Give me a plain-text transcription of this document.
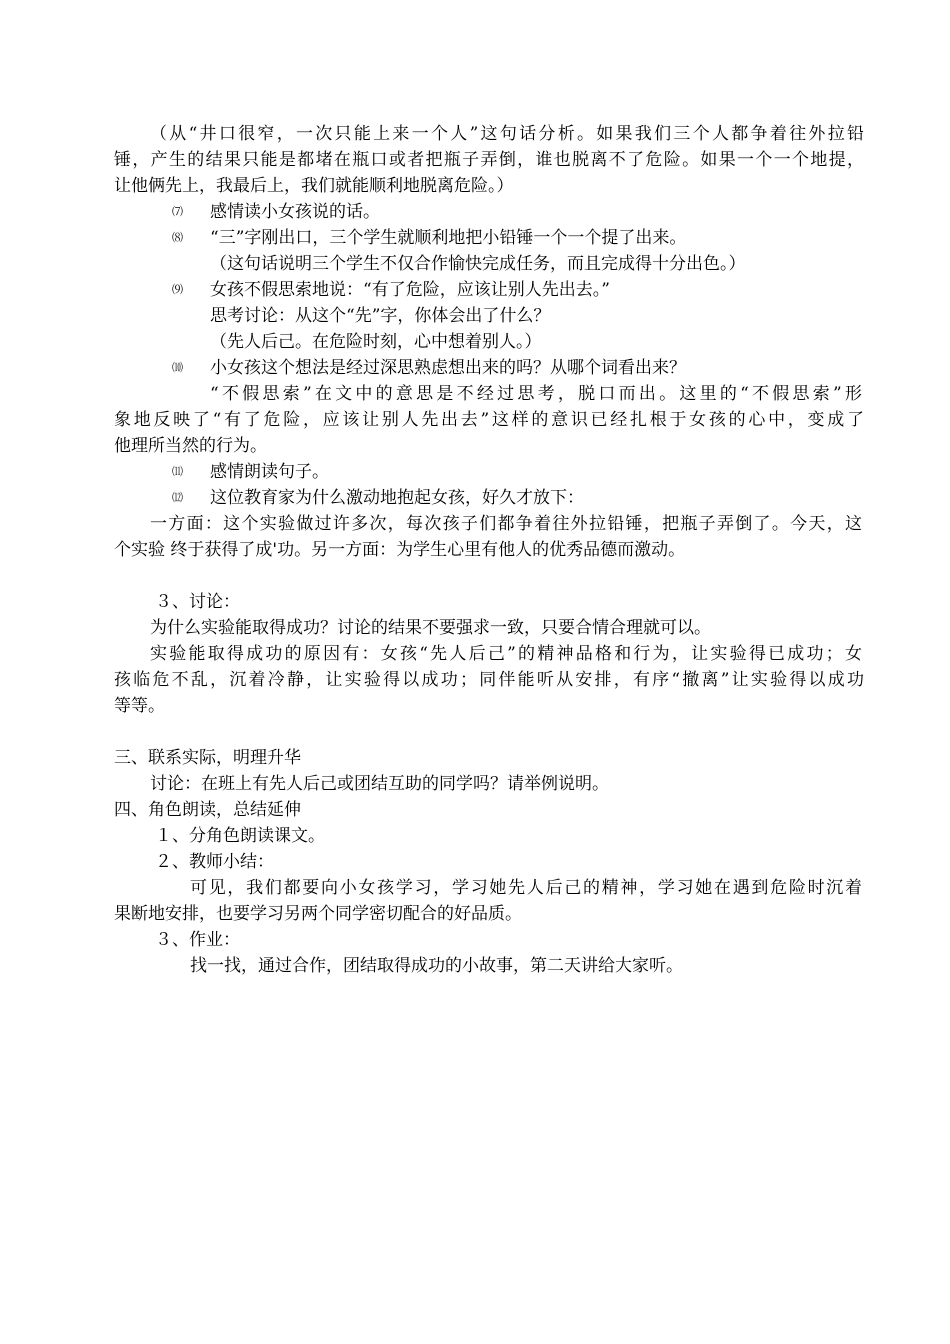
（从“井口很窄，一次只能上来一个人”这句话分析。如果我们三个人都争着往外拉铅
锤，产生的结果只能是都堵在瓶口或者把瓶子弄倒，谁也脱离不了危险。如果一个一个地提，
让他俩先上，我最后上，我们就能顺利地脱离危险。）
⑺ 感情读小女孩说的话。
⑻ “三”字刚出口，三个学生就顺利地把小铅锤一个一个提了出来。
（这句话说明三个学生不仅合作愉快完成任务，而且完成得十分出色。）
⑼ 女孩不假思索地说：“有了危险，应该让别人先出去。”
思考讨论：从这个“先”字，你体会出了什么？
（先人后己。在危险时刻，心中想着别人。）
⑽ 小女孩这个想法是经过深思熟虑想出来的吗？从哪个词看出来？
“不假思索”在文中的意思是不经过思考，脱口而出。这里的“不假思索”形
象地反映了“有了危险，应该让别人先出去”这样的意识已经扎根于女孩的心中，变成了
他理所当然的行为。
⑾ 感情朗读句子。
⑿ 这位教育家为什么激动地抱起女孩，好久才放下：
一方面：这个实验做过许多次，每次孩子们都争着往外拉铅锤，把瓶子弄倒了。今天，这
个实验 终于获得了成'功。另一方面：为学生心里有他人的优秀品德而激动。
３、讨论：
为什么实验能取得成功？讨论的结果不要强求一致，只要合情合理就可以。
实验能取得成功的原因有：女孩“先人后己”的精神品格和行为，让实验得已成功；女
孩临危不乱，沉着冷静，让实验得以成功；同伴能听从安排，有序“撤离”让实验得以成功
等等。
三、联系实际，明理升华
讨论：在班上有先人后己或团结互助的同学吗？请举例说明。
四、角色朗读，总结延伸
１、分角色朗读课文。
２、教师小结：
可见，我们都要向小女孩学习，学习她先人后己的精神，学习她在遇到危险时沉着
果断地安排，也要学习另两个同学密切配合的好品质。
３、作业：
找一找，通过合作，团结取得成功的小故事，第二天讲给大家听。
